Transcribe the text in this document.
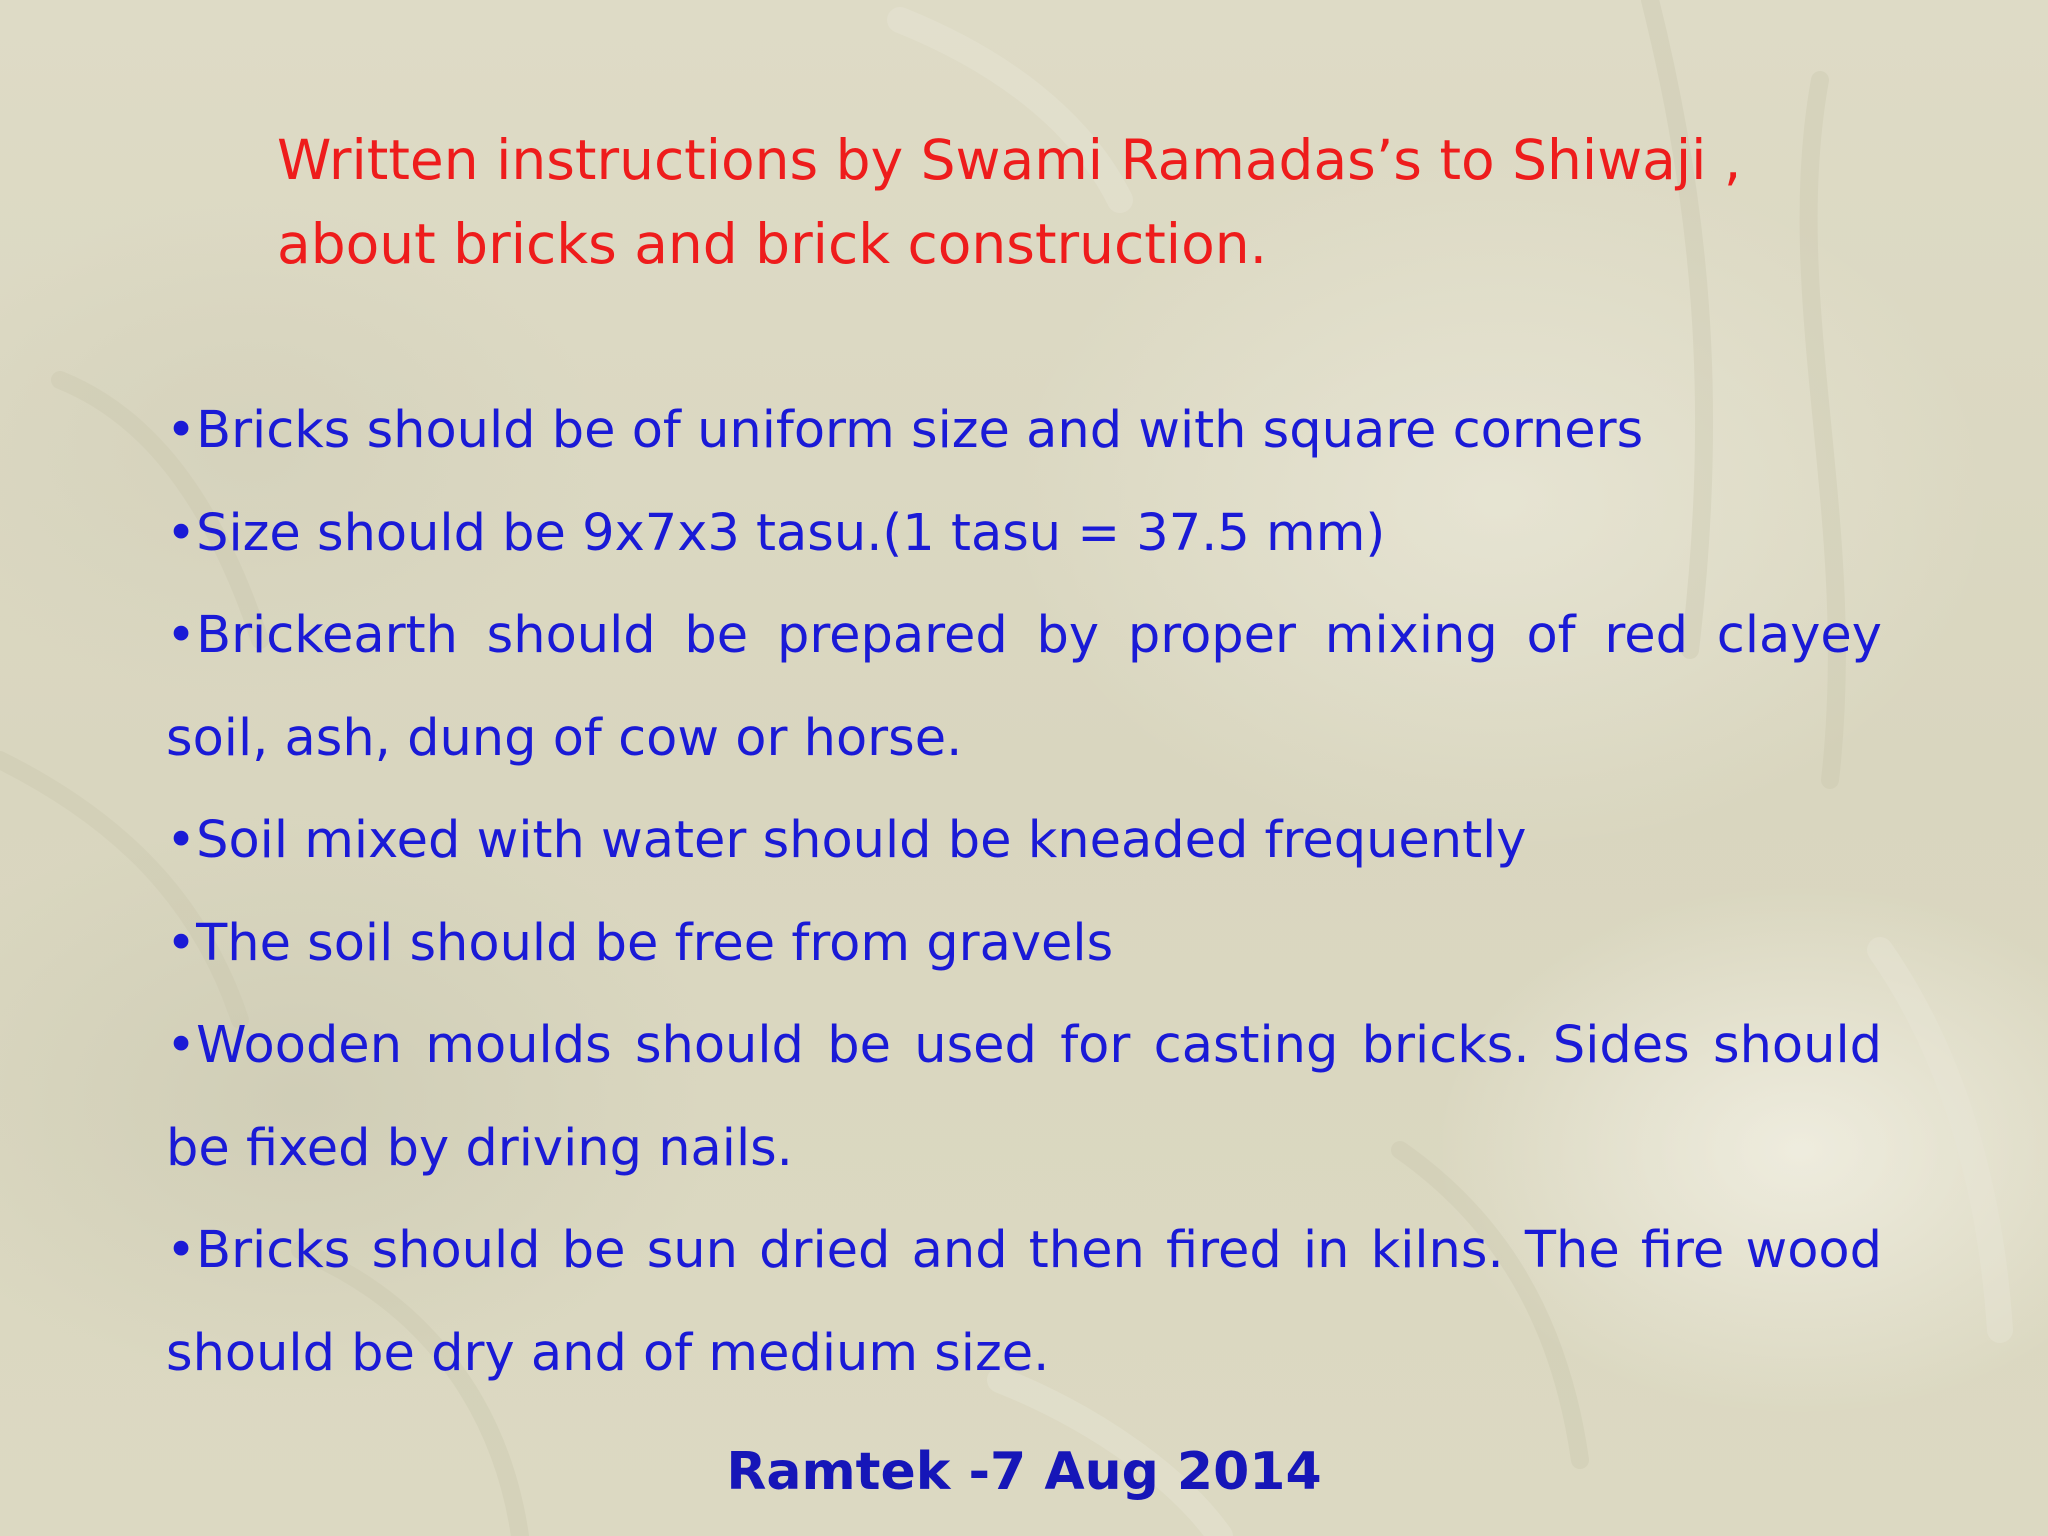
Written instructions by Swami Ramadas’s to Shiwaji ,
about bricks and brick construction.
• Bricks should be of uniform size and with square corners
• Size should be 9x7x3 tasu.(1 tasu = 37.5 mm)
• Brickearth should be prepared by proper mixing of red clayey soil, ash, dung of cow or horse.
• Soil mixed with water should be kneaded frequently
• The soil should be free from gravels
• Wooden moulds should be used for casting bricks. Sides should be fixed by driving nails.
• Bricks should be sun dried and then fired in kilns. The fire wood should be dry and of medium size.
Ramtek -7 Aug 2014
